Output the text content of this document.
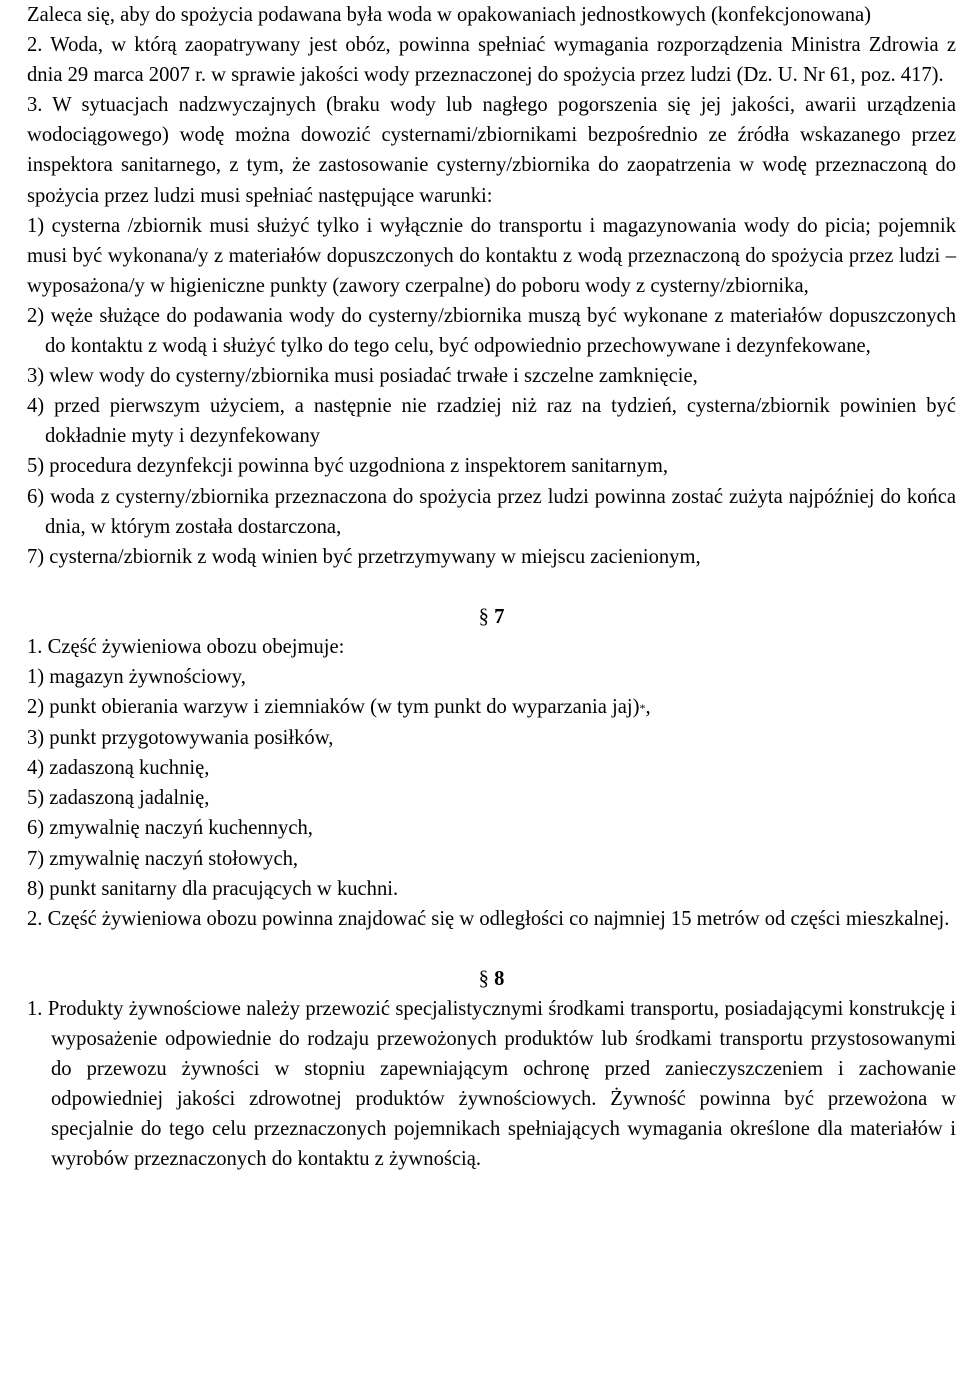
Zaleca się, aby do spożycia podawana była woda w opakowaniach jednostkowych (konfekcjonowana)

2. Woda, w którą zaopatrywany jest obóz, powinna spełniać wymagania rozporządzenia Ministra Zdrowia z dnia 29 marca 2007 r. w sprawie jakości wody przeznaczonej do spożycia przez ludzi (Dz. U. Nr 61, poz. 417).

3. W sytuacjach nadzwyczajnych (braku wody lub nagłego pogorszenia się jej jakości, awarii urządzenia wodociągowego) wodę można dowozić cysternami/zbiornikami bezpośrednio ze źródła wskazanego przez inspektora sanitarnego, z tym, że zastosowanie cysterny/zbiornika do zaopatrzenia w wodę przeznaczoną do spożycia przez ludzi musi spełniać następujące warunki:

1) cysterna /zbiornik musi służyć tylko i wyłącznie do transportu i magazynowania wody do picia; pojemnik musi być wykonana/y z materiałów dopuszczonych do kontaktu z wodą przeznaczoną do spożycia przez ludzi – wyposażona/y w higieniczne punkty (zawory czerpalne) do poboru wody z cysterny/zbiornika,

2) węże służące do podawania wody do cysterny/zbiornika muszą być wykonane z materiałów dopuszczonych do kontaktu z wodą i służyć tylko do tego celu, być odpowiednio przechowywane i dezynfekowane,

3) wlew wody do cysterny/zbiornika musi posiadać trwałe i szczelne zamknięcie,

4) przed pierwszym użyciem, a następnie nie rzadziej niż raz na tydzień, cysterna/zbiornik powinien być dokładnie myty i dezynfekowany

5) procedura dezynfekcji powinna być uzgodniona z inspektorem sanitarnym,

6) woda z cysterny/zbiornika przeznaczona do spożycia przez ludzi powinna zostać zużyta najpóźniej do końca dnia, w którym została dostarczona,

7) cysterna/zbiornik z wodą winien być przetrzymywany w miejscu zacienionym,

§ 7

1. Część żywieniowa obozu obejmuje:

1) magazyn żywnościowy,

2) punkt obierania warzyw i ziemniaków (w tym punkt do wyparzania jaj)*,

3) punkt przygotowywania posiłków,

4) zadaszoną kuchnię,

5) zadaszoną jadalnię,

6) zmywalnię naczyń kuchennych,

7) zmywalnię naczyń stołowych,

8) punkt sanitarny dla pracujących w kuchni.

2. Część żywieniowa obozu powinna znajdować się w odległości co najmniej 15 metrów od części mieszkalnej.

§ 8

1. Produkty żywnościowe należy przewozić specjalistycznymi środkami transportu, posiadającymi konstrukcję i wyposażenie odpowiednie do rodzaju przewożonych produktów lub środkami transportu przystosowanymi do przewozu żywności w stopniu zapewniającym ochronę przed zanieczyszczeniem i zachowanie odpowiedniej jakości zdrowotnej produktów żywnościowych. Żywność powinna być przewożona w specjalnie do tego celu przeznaczonych pojemnikach spełniających wymagania określone dla materiałów i wyrobów przeznaczonych do kontaktu z żywnością.
